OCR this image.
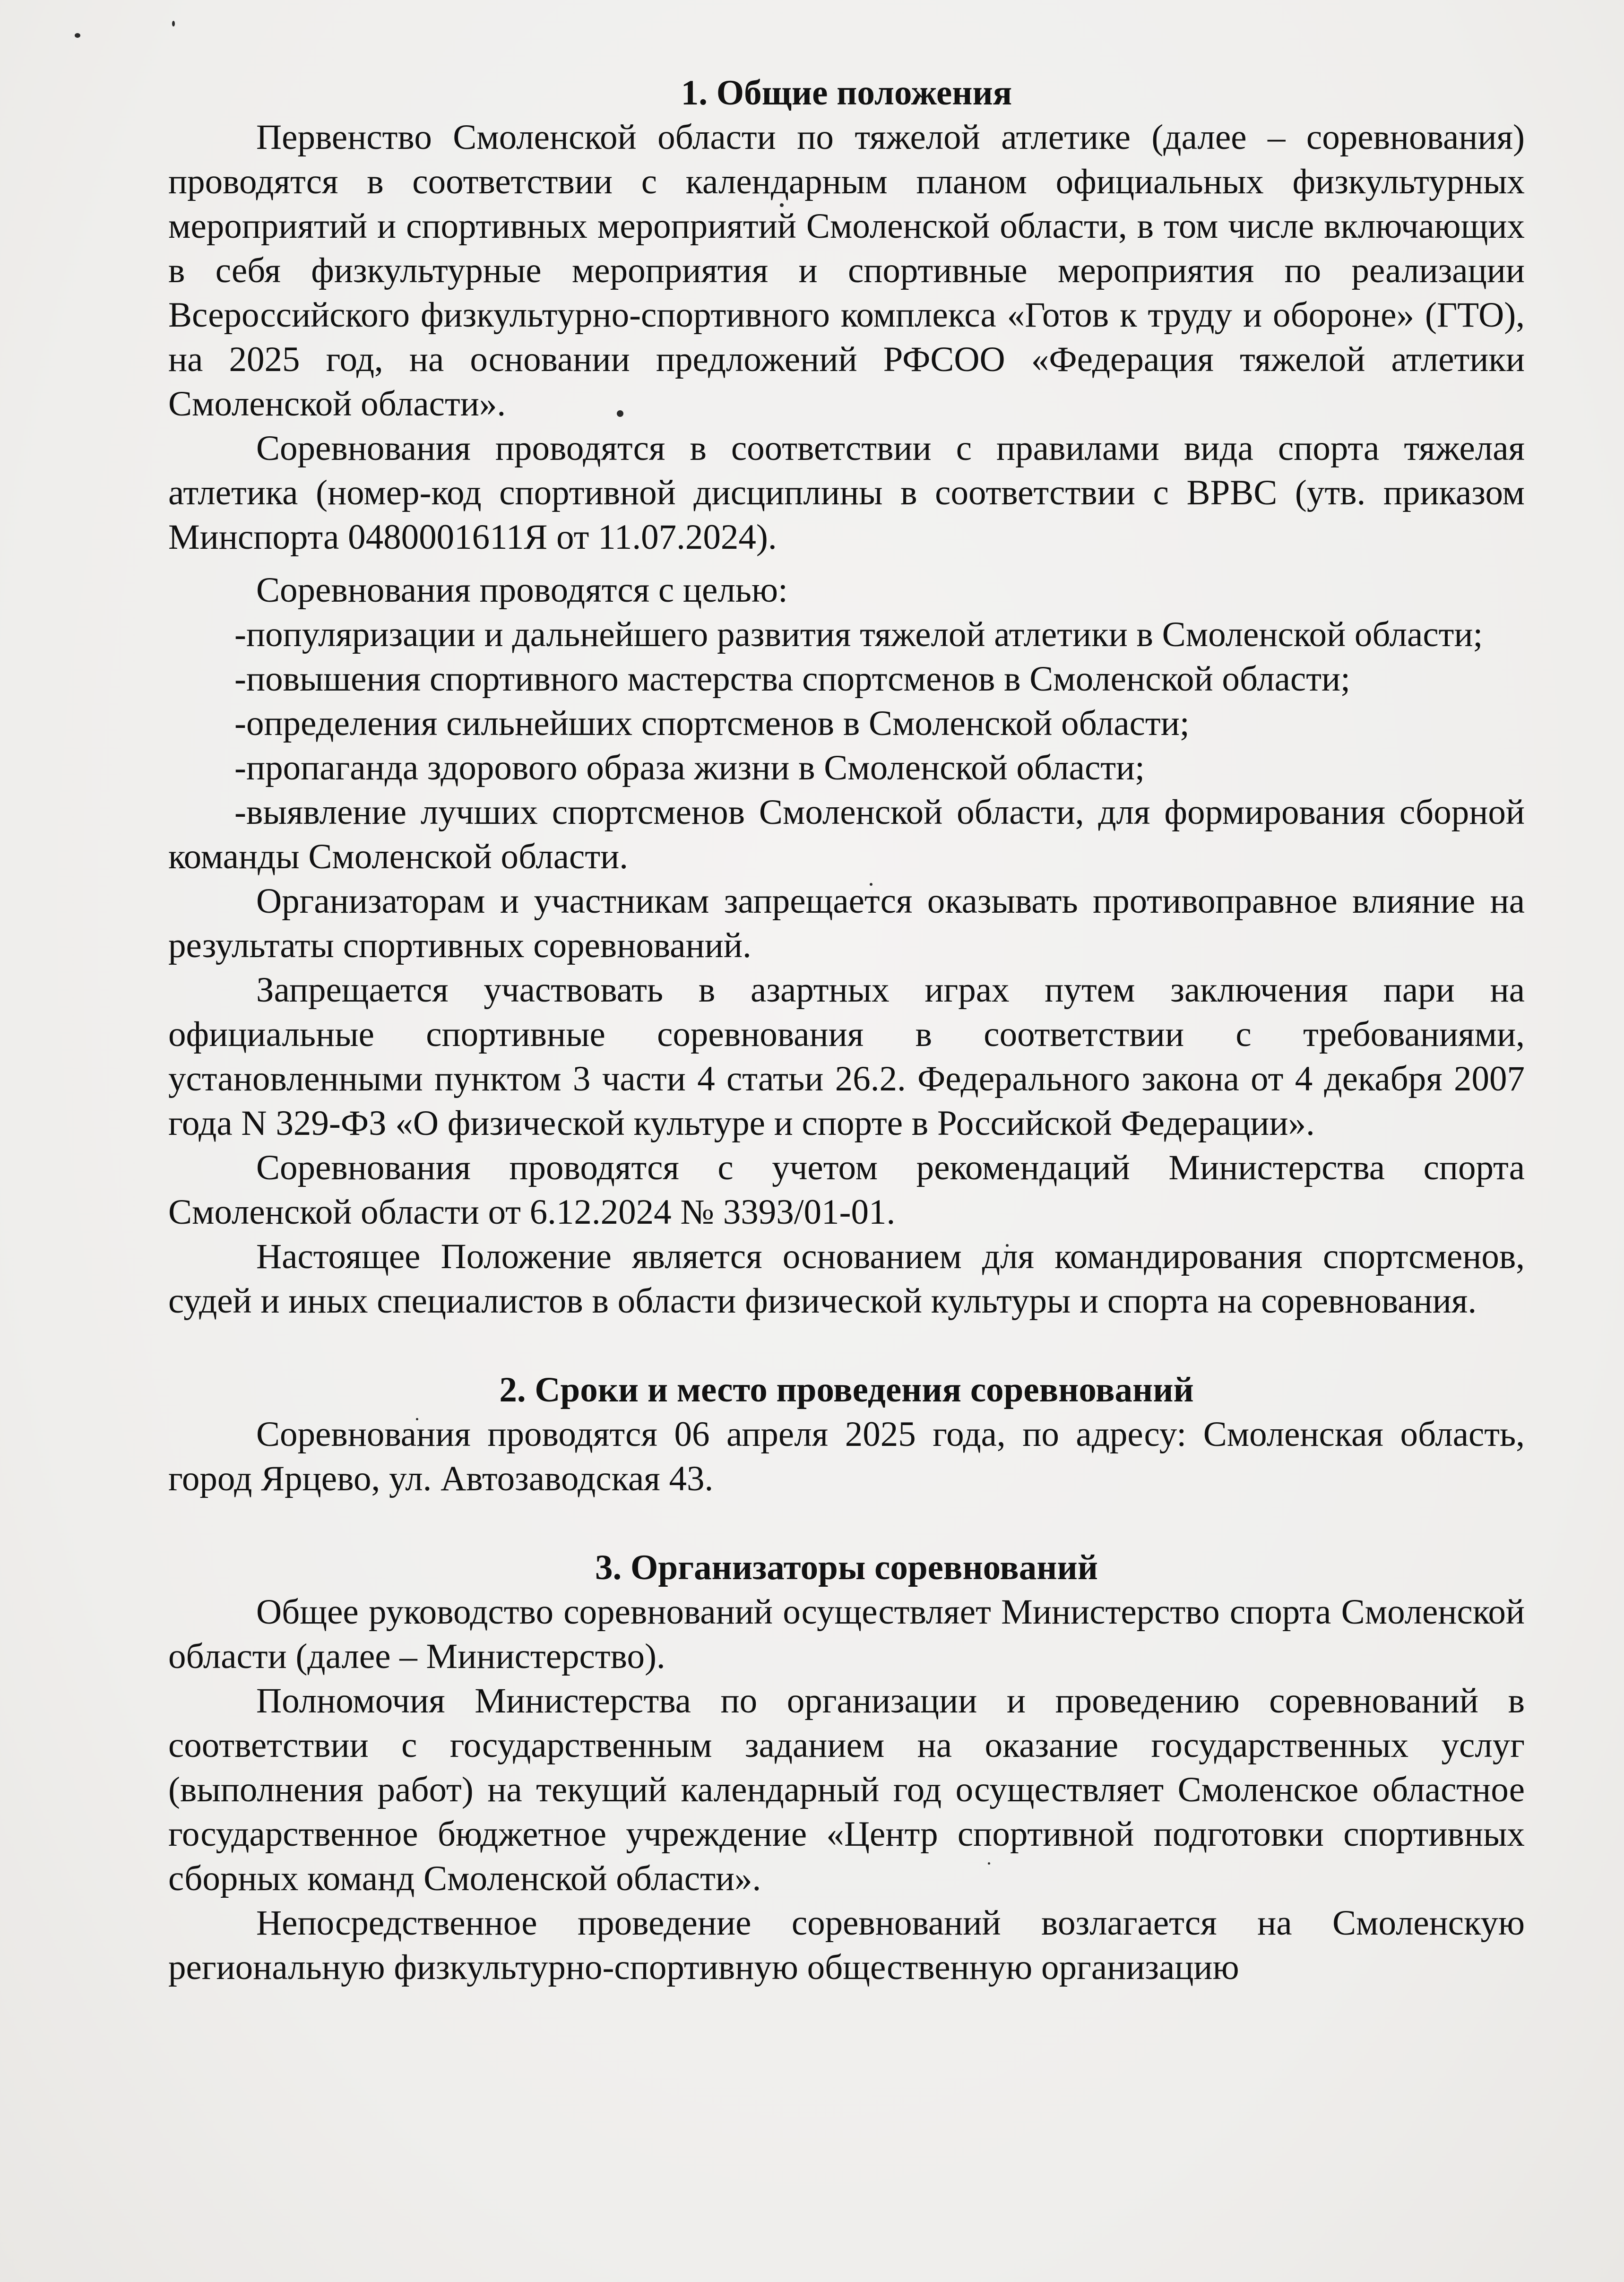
1. Общие положения

Первенство Смоленской области по тяжелой атлетике (далее – соревнования) проводятся в соответствии с календарным планом официальных физкультурных мероприятий и спортивных мероприятий Смоленской области, в том числе включающих в себя физкультурные мероприятия и спортивные мероприятия по реализации Всероссийского физкультурно-спортивного комплекса «Готов к труду и обороне» (ГТО), на 2025 год, на основании предложений РФСОО «Федерация тяжелой атлетики Смоленской области».

Соревнования проводятся в соответствии с правилами вида спорта тяжелая атлетика (номер-код спортивной дисциплины в соответствии с ВРВС (утв. приказом Минспорта 0480001611Я от 11.07.2024).

Соревнования проводятся с целью:

-популяризации и дальнейшего развития тяжелой атлетики в Смоленской области;

-повышения спортивного мастерства спортсменов в Смоленской области;

-определения сильнейших спортсменов в Смоленской области;

-пропаганда здорового образа жизни в Смоленской области;

-выявление лучших спортсменов Смоленской области, для формирования сборной команды Смоленской области.

Организаторам и участникам запрещается оказывать противоправное влияние на результаты спортивных соревнований.

Запрещается участвовать в азартных играх путем заключения пари на официальные спортивные соревнования в соответствии с требованиями, установленными пунктом 3 части 4 статьи 26.2. Федерального закона от 4 декабря 2007 года N 329-ФЗ «О физической культуре и спорте в Российской Федерации».

Соревнования проводятся с учетом рекомендаций Министерства спорта Смоленской области от 6.12.2024 № 3393/01-01.

Настоящее Положение является основанием для командирования спортсменов, судей и иных специалистов в области физической культуры и спорта на соревнования.

2. Сроки и место проведения соревнований

Соревнования проводятся 06 апреля 2025 года, по адресу: Смоленская область, город Ярцево, ул. Автозаводская 43.

3. Организаторы соревнований

Общее руководство соревнований осуществляет Министерство спорта Смоленской области (далее – Министерство).

Полномочия Министерства по организации и проведению соревнований в соответствии с государственным заданием на оказание государственных услуг (выполнения работ) на текущий календарный год осуществляет Смоленское областное государственное бюджетное учреждение «Центр спортивной подготовки спортивных сборных команд Смоленской области».

Непосредственное проведение соревнований возлагается на Смоленскую региональную физкультурно-спортивную общественную организацию
